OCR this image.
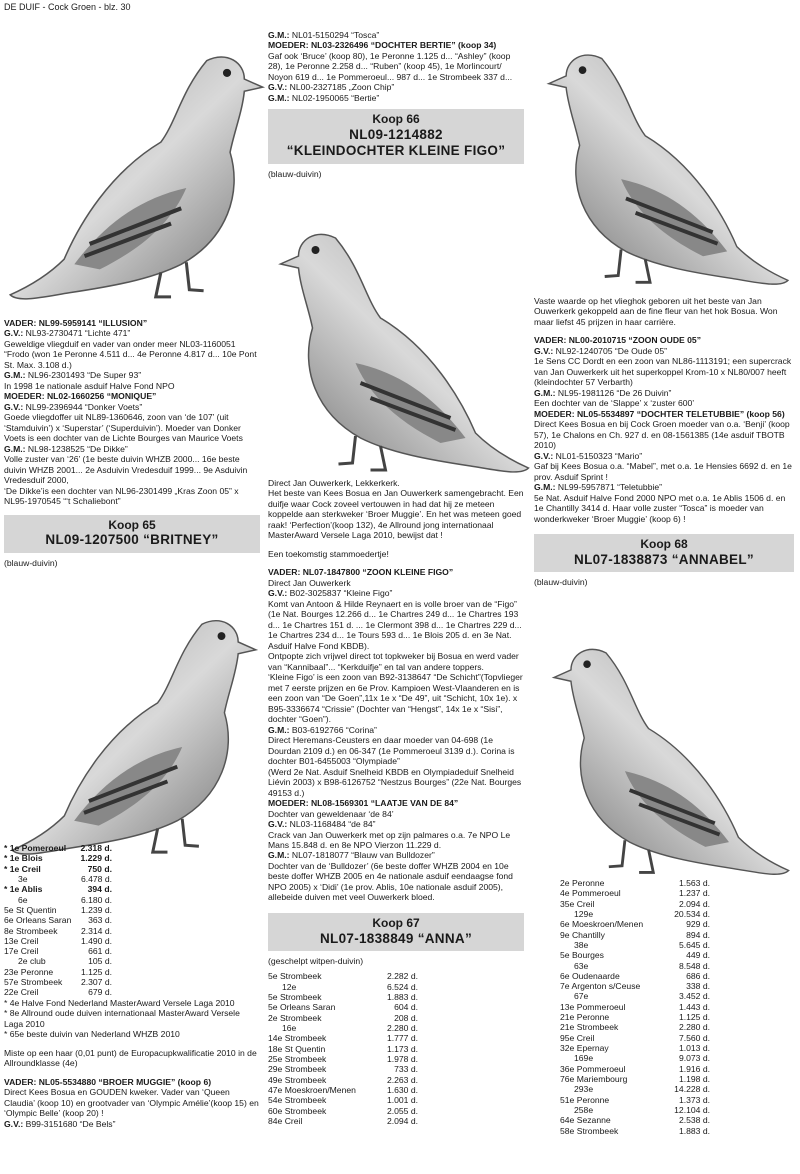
DE DUIF - Cock Groen - blz. 30

VADER: NL99-5959141 “ILLUSION”

G.V.: NL93-2730471 “Lichte 471”

Geweldige vliegduif en vader van onder meer NL03-1160051 “Frodo (won 1e Peronne 4.511 d... 4e Peronne 4.817 d... 10e Pont St. Max. 3.108 d.)

G.M.: NL96-2301493 “De Super 93”

In 1998 1e nationale asduif Halve Fond NPO

MOEDER: NL02-1660256 “MONIQUE”

G.V.: NL99-2396944 “Donker Voets”

Goede vliegdoffer uit NL89-1360646, zoon van ‘de 107’ (uit ‘Stamduivin’) x ‘Superstar’ (‘Superduivin’). Moeder van Donker Voets is een dochter van de Lichte Bourges van Maurice Voets

G.M.: NL98-1238525 “De Dikke”

Volle zuster van ‘26’ (1e beste duivin WHZB 2000... 16e beste duivin WHZB 2001... 2e Asduivin Vredesduif 1999... 9e Asduivin Vredesduif 2000,

‘De Dikke’is een dochter van NL96-2301499 „Kras Zoon 05” x NL95-1970545 “‘t Schaliebont”

Koop 65
NL09-1207500 “BRITNEY”

(blauw-duivin)

* 1e Pomeroeul	2.318 d.
* 1e Blois	1.229 d.
* 1e Creil	750 d.
3e	6.478 d.
* 1e Ablis	394 d.
6e	6.180 d.
5e St Quentin	1.239 d.
6e Orleans Saran	363 d.
8e Strombeek	2.314 d.
13e Creil	1.490 d.
17e Creil	661 d.
2e club	105 d.
23e Peronne	1.125 d.
57e Strombeek	2.307 d.
22e Creil	679 d.

* 4e Halve Fond Nederland MasterAward Versele Laga 2010

* 8e Allround oude duiven internationaal MasterAward Versele Laga 2010

* 65e beste duivin van Nederland WHZB 2010

Miste op een haar (0,01 punt) de Europacupkwalificatie 2010 in de Allroundklasse (4e)

VADER: NL05-5534880 “BROER MUGGIE” (koop 6)

Direct Kees Bosua en GOUDEN kweker. Vader van ‘Queen Claudia’ (koop 10) en grootvader van ‘Olympic Amélie’(koop 15) en ‘Olympic Belle’ (koop 20) !

G.V.: B99-3151680 “De Bels”

G.M.: NL01-5150294 “Tosca”

MOEDER: NL03-2326496 “DOCHTER BERTIE” (koop 34)

Gaf ook ‘Bruce’ (koop 80), 1e Peronne 1.125 d... “Ashley” (koop 28), 1e Peronne 2.258 d... “Ruben” (koop 45), 1e Morlincourt/ Noyon 619 d... 1e Pommeroeul... 987 d... 1e Strombeek 337 d...

G.V.: NL00-2327185 „Zoon Chip”

G.M.: NL02-1950065 “Bertie”

Koop 66
NL09-1214882
“KLEINDOCHTER KLEINE FIGO”

(blauw-duivin)

Direct Jan Ouwerkerk, Lekkerkerk.

Het beste van Kees Bosua en Jan Ouwerkerk samengebracht. Een duifje waar Cock zoveel vertouwen in had dat hij ze meteen koppelde aan sterkweker ‘Broer Muggie’. En het was meteen goed raak! ‘Perfection’(koop 132), 4e Allround jong internationaal MasterAward Versele Laga 2010, bewijst dat !

Een toekomstig stammoedertje!

VADER: NL07-1847800 “ZOON KLEINE FIGO”

Direct Jan Ouwerkerk

G.V.: B02-3025837 “Kleine Figo”

Komt van Antoon & Hilde Reynaert en is volle broer van de “Figo” (1e Nat. Bourges 12.266 d... 1e Chartres 249 d... 1e Chartres 193 d... 1e Chartres 151 d. ... 1e Clermont 398 d... 1e Chartres 229 d... 1e Chartres 234 d... 1e Tours 593 d... 1e Blois 205 d. en 3e Nat. Asduif Halve Fond KBDB).

Ontpopte zich vrijwel direct tot topkweker bij Bosua en werd vader van “Kannibaal”... “Kerkduifje” en tal van andere toppers.

‘Kleine Figo’ is een zoon van B92-3138647 “De Schicht”(Topvlieger met 7 eerste prijzen en 6e Prov. Kampioen West-Vlaanderen en is een zoon van “De Goen”,11x 1e x “De 49”, uit “Schicht, 10x 1e). x B95-3336674 “Crissie” (Dochter van “Hengst”, 14x 1e x “Sisi”, dochter “Goen”).

G.M.: B03-6192766 “Corina”

Direct Heremans-Ceusters en daar moeder van 04-698 (1e Dourdan 2109 d.) en 06-347 (1e Pommeroeul 3139 d.). Corina is dochter B01-6455003 “Olympiade”

(Werd 2e Nat. Asduif Snelheid KBDB en Olympiadeduif Snelheid Liévin 2003) x B98-6126752 “Nestzus Bourges” (22e Nat. Bourges 49153 d.)

MOEDER: NL08-1569301 “LAATJE VAN DE 84”

Dochter van geweldenaar ‘de 84’

G.V.: NL03-1168484 “de 84”

Crack van Jan Ouwerkerk met op zijn palmares o.a. 7e NPO Le Mans 15.848 d. en 8e NPO Vierzon 11.229 d.

G.M.: NL07-1818077 “Blauw van Bulldozer”

Dochter van de ‘Bulldozer’ (6e beste doffer WHZB 2004 en 10e beste doffer WHZB 2005 en 4e nationale asduif eendaagse fond NPO 2005) x ‘Didi’ (1e prov. Ablis, 10e nationale asduif 2005), allebeide duiven met veel Ouwerkerk bloed.

Koop 67
NL07-1838849 “ANNA”

(geschelpt witpen-duivin)

5e Strombeek	2.282 d.
12e	6.524 d.
5e Strombeek	1.883 d.
5e Orleans Saran	604 d.
2e Strombeek	208 d.
16e	2.280 d.
14e Strombeek	1.777 d.
18e St Quentin	1.173 d.
25e Strombeek	1.978 d.
29e Strombeek	733 d.
49e Strombeek	2.263 d.
47e Moeskroen/Menen	1.630 d.
54e Strombeek	1.001 d.
60e Strombeek	2.055 d.
84e Creil	2.094 d.

Vaste waarde op het vlieghok geboren uit het beste van Jan Ouwerkerk gekoppeld aan de fine fleur van het hok Bosua. Won maar liefst 45 prijzen in haar carrière.

VADER: NL00-2010715 “ZOON OUDE 05”

G.V.: NL92-1240705 “De Oude 05”

1e Sens CC Dordt en een zoon van NL86-1113191; een supercrack van Jan Ouwerkerk uit het superkoppel Krom-10 x NL80/007 heeft (kleindochter 57 Verbarth)

G.M.: NL95-1981126 “De 26 Duivin”

Een dochter van de ‘Slappe’ x ‘zuster 600’

MOEDER: NL05-5534897 “DOCHTER TELETUBBIE” (koop 56)

Direct Kees Bosua en bij Cock Groen moeder van o.a. ‘Benji’ (koop 57), 1e Chalons en Ch. 927 d. en 08-1561385 (14e asduif TBOTB 2010)

G.V.: NL01-5150323 “Mario”

Gaf bij Kees Bosua o.a. “Mabel”, met o.a. 1e Hensies 6692 d. en 1e prov. Asduif Sprint !

G.M.: NL99-5957871 “Teletubbie”

5e Nat. Asduif Halve Fond 2000 NPO met o.a. 1e Ablis 1506 d. en 1e Chantilly 3414 d. Haar volle zuster “Tosca” is moeder van wonderkweker ‘Broer Muggie’ (koop 6) !

Koop 68
NL07-1838873 “ANNABEL”

(blauw-duivin)

2e Peronne	1.563 d.
4e Pommeroeul	1.237 d.
35e Creil	2.094 d.
129e	20.534 d.
6e Moeskroen/Menen	929 d.
9e Chantilly	894 d.
38e	5.645 d.
5e Bourges	449 d.
63e	8.548 d.
6e Oudenaarde	686 d.
7e Argenton s/Ceuse	338 d.
67e	3.452 d.
13e Pommeroeul	1.443 d.
21e Peronne	1.125 d.
21e Strombeek	2.280 d.
95e Creil	7.560 d.
32e Epernay	1.013 d.
169e	9.073 d.
36e Pommeroeul	1.916 d.
76e Mariembourg	1.198 d.
293e	14.228 d.
51e Peronne	1.373 d.
258e	12.104 d.
64e Sezanne	2.538 d.
58e Strombeek	1.883 d.
